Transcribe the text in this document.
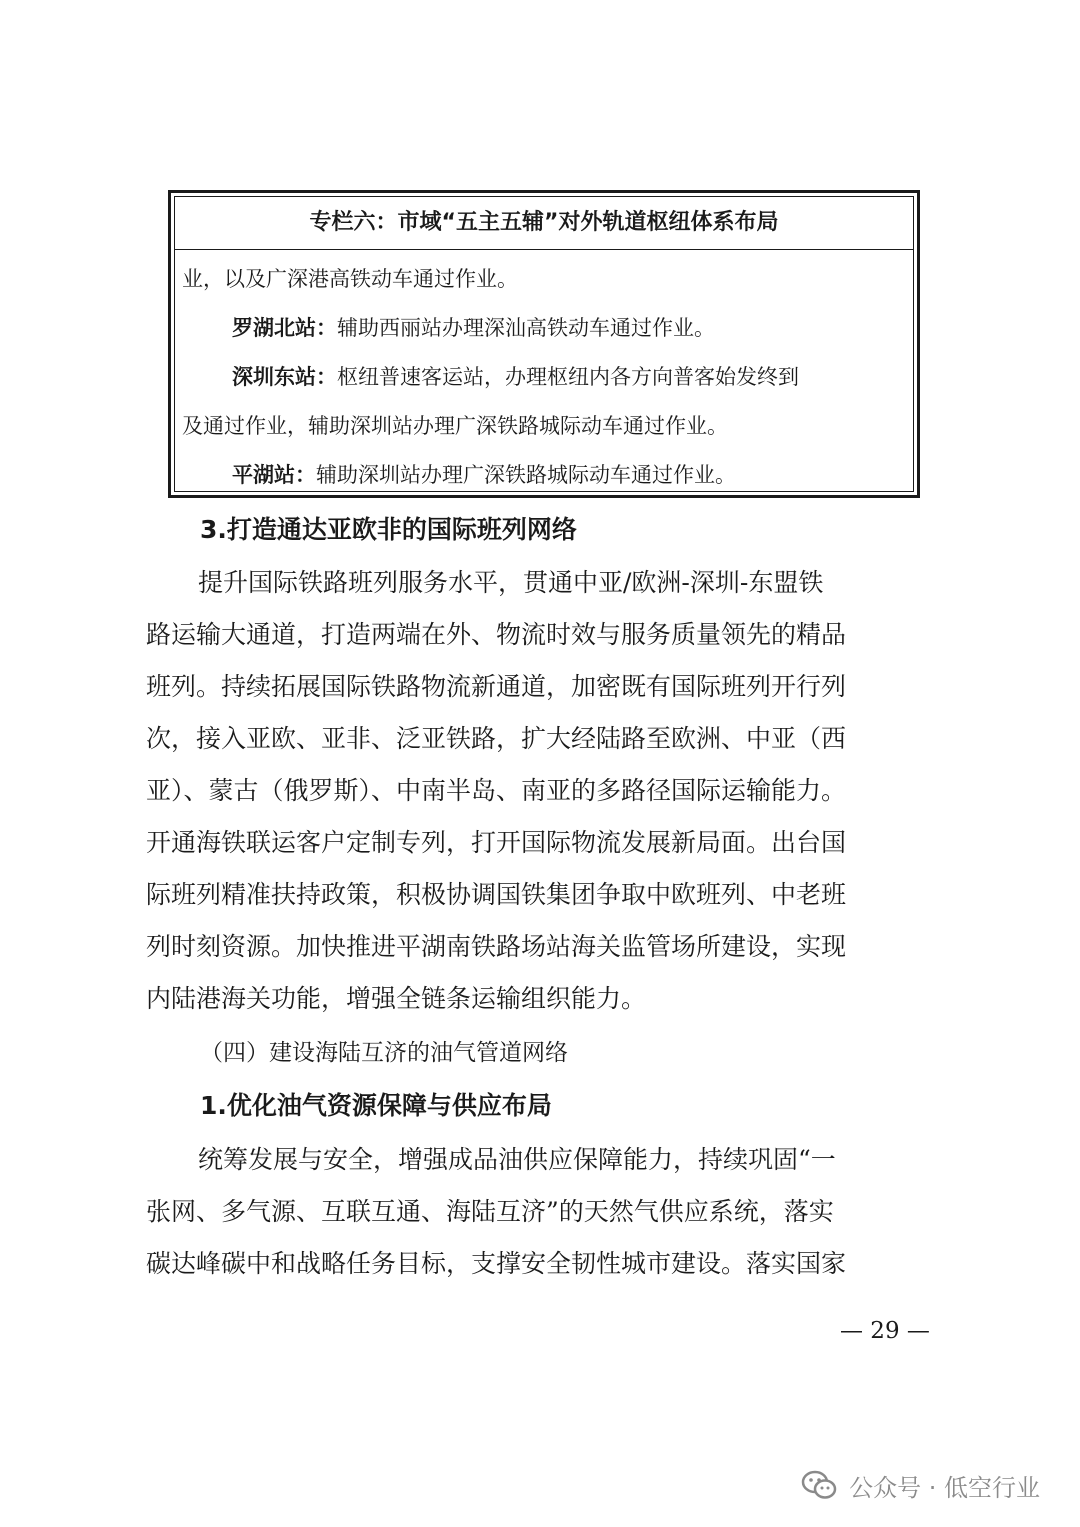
专栏六：市域“五主五辅”对外轨道枢纽体系布局
业，以及广深港高铁动车通过作业。
罗湖北站：辅助西丽站办理深汕高铁动车通过作业。
深圳东站：枢纽普速客运站，办理枢纽内各方向普客始发终到
及通过作业，辅助深圳站办理广深铁路城际动车通过作业。
平湖站：辅助深圳站办理广深铁路城际动车通过作业。
3.打造通达亚欧非的国际班列网络
提升国际铁路班列服务水平，贯通中亚/欧洲-深圳-东盟铁
路运输大通道，打造两端在外、物流时效与服务质量领先的精品
班列。持续拓展国际铁路物流新通道，加密既有国际班列开行列
次，接入亚欧、亚非、泛亚铁路，扩大经陆路至欧洲、中亚（西
亚）、蒙古（俄罗斯）、中南半岛、南亚的多路径国际运输能力。
开通海铁联运客户定制专列，打开国际物流发展新局面。出台国
际班列精准扶持政策，积极协调国铁集团争取中欧班列、中老班
列时刻资源。加快推进平湖南铁路场站海关监管场所建设，实现
内陆港海关功能，增强全链条运输组织能力。
（四）建设海陆互济的油气管道网络
1.优化油气资源保障与供应布局
统筹发展与安全，增强成品油供应保障能力，持续巩固“一
张网、多气源、互联互通、海陆互济”的天然气供应系统，落实
碳达峰碳中和战略任务目标，支撑安全韧性城市建设。落实国家
— 29 —
公众号 · 低空行业
